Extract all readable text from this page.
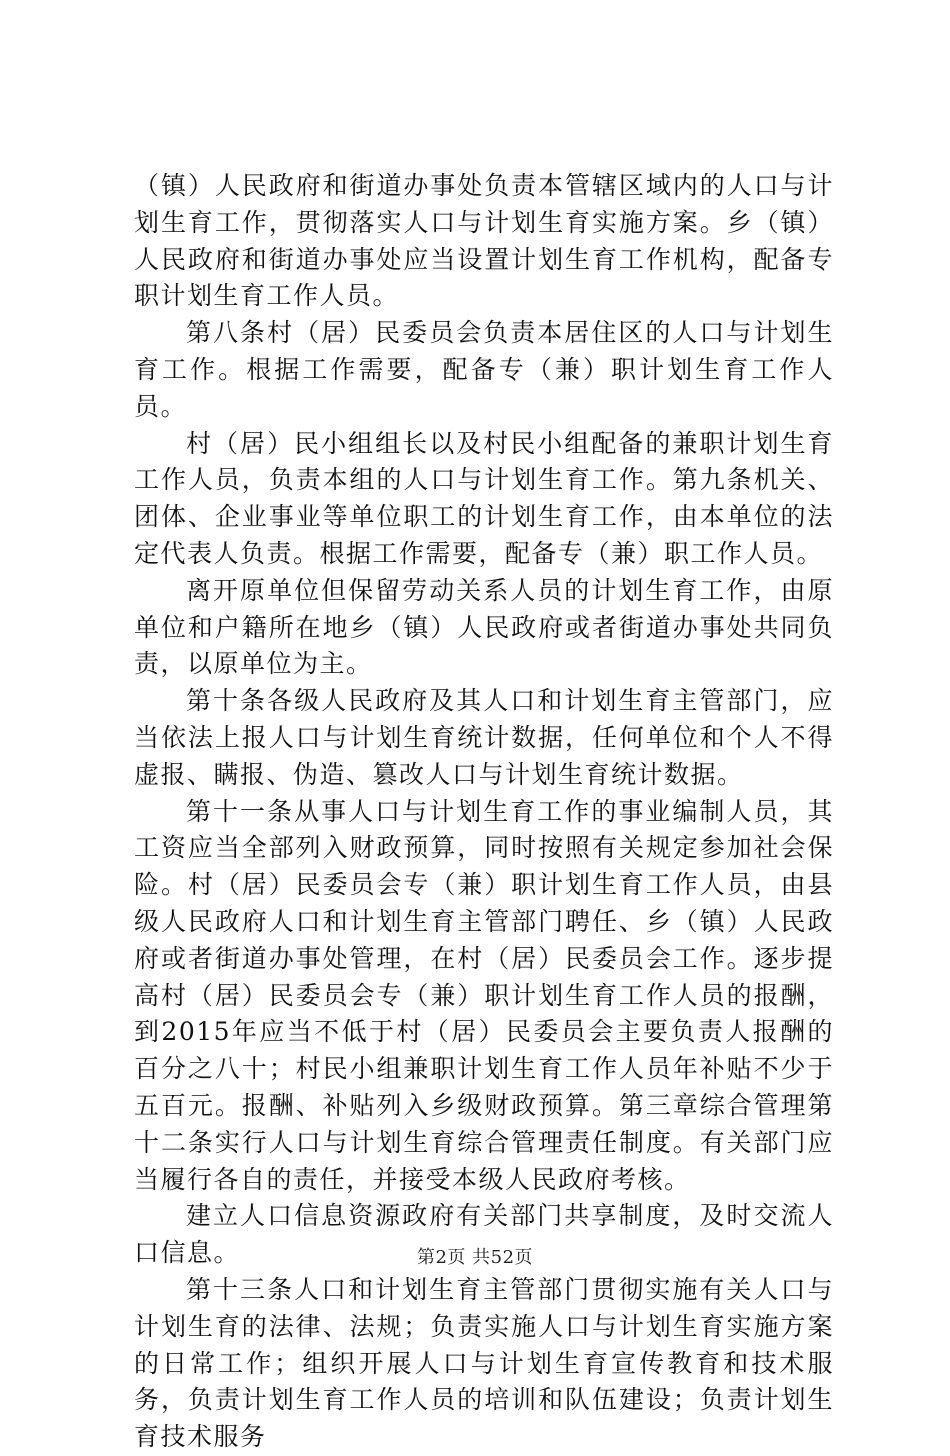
（镇）人民政府和街道办事处负责本管辖区域内的人口与计划生育工作，贯彻落实人口与计划生育实施方案。乡（镇）人民政府和街道办事处应当设置计划生育工作机构，配备专职计划生育工作人员。

第八条村（居）民委员会负责本居住区的人口与计划生育工作。根据工作需要，配备专（兼）职计划生育工作人员。

村（居）民小组组长以及村民小组配备的兼职计划生育工作人员，负责本组的人口与计划生育工作。第九条机关、团体、企业事业等单位职工的计划生育工作，由本单位的法定代表人负责。根据工作需要，配备专（兼）职工作人员。

离开原单位但保留劳动关系人员的计划生育工作，由原单位和户籍所在地乡（镇）人民政府或者街道办事处共同负责，以原单位为主。

第十条各级人民政府及其人口和计划生育主管部门，应当依法上报人口与计划生育统计数据，任何单位和个人不得虚报、瞒报、伪造、篡改人口与计划生育统计数据。

第十一条从事人口与计划生育工作的事业编制人员，其工资应当全部列入财政预算，同时按照有关规定参加社会保险。村（居）民委员会专（兼）职计划生育工作人员，由县级人民政府人口和计划生育主管部门聘任、乡（镇）人民政府或者街道办事处管理，在村（居）民委员会工作。逐步提高村（居）民委员会专（兼）职计划生育工作人员的报酬，到2015年应当不低于村（居）民委员会主要负责人报酬的百分之八十；村民小组兼职计划生育工作人员年补贴不少于五百元。报酬、补贴列入乡级财政预算。第三章综合管理第十二条实行人口与计划生育综合管理责任制度。有关部门应当履行各自的责任，并接受本级人民政府考核。

建立人口信息资源政府有关部门共享制度，及时交流人口信息。

第十三条人口和计划生育主管部门贯彻实施有关人口与计划生育的法律、法规；负责实施人口与计划生育实施方案的日常工作；组织开展人口与计划生育宣传教育和技术服务，负责计划生育工作人员的培训和队伍建设；负责计划生育技术服务

第2页 共52页
